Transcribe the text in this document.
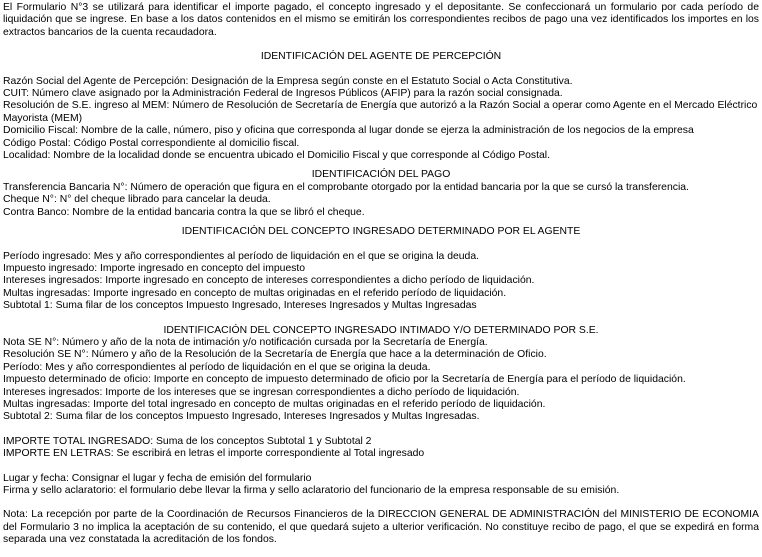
El Formulario N°3 se utilizará para identificar el importe pagado, el concepto ingresado y el depositante. Se confeccionará un formulario por cada período de liquidación que se ingrese. En base a los datos contenidos en el mismo se emitirán los correspondientes recibos de pago una vez identificados los importes en los extractos bancarios de la cuenta recaudadora.

IDENTIFICACIÓN DEL AGENTE DE PERCEPCIÓN

Razón Social del Agente de Percepción: Designación de la Empresa según conste en el Estatuto Social o Acta Constitutiva.

CUIT: Número clave asignado por la Administración Federal de Ingresos Públicos (AFIP) para la razón social consignada.

Resolución de S.E. ingreso al MEM: Número de Resolución de Secretaría de Energía que autorizó a la Razón Social a operar como Agente en el Mercado Eléctrico Mayorista (MEM)

Domicilio Fiscal: Nombre de la calle, número, piso y oficina que corresponda al lugar donde se ejerza la administración de los negocios de la empresa

Código Postal: Código Postal correspondiente al domicilio fiscal.

Localidad: Nombre de la localidad donde se encuentra ubicado el Domicilio Fiscal y que corresponde al Código Postal.

IDENTIFICACIÓN DEL PAGO

Transferencia Bancaria N°: Número de operación que figura en el comprobante otorgado por la entidad bancaria por la que se cursó la transferencia.

Cheque N°: N° del cheque librado para cancelar la deuda.

Contra Banco: Nombre de la entidad bancaria contra la que se libró el cheque.

IDENTIFICACIÓN DEL CONCEPTO INGRESADO DETERMINADO POR EL AGENTE

Período ingresado: Mes y año correspondientes al período de liquidación en el que se origina la deuda.

Impuesto ingresado: Importe ingresado en concepto del impuesto

Intereses ingresados: Importe ingresado en concepto de intereses correspondientes a dicho período de liquidación.

Multas ingresadas: Importe ingresado en concepto de multas originadas en el referido período de liquidación.

Subtotal 1: Suma filar de los conceptos Impuesto Ingresado, Intereses Ingresados y Multas Ingresadas

IDENTIFICACIÓN DEL CONCEPTO INGRESADO INTIMADO Y/O DETERMINADO POR S.E.

Nota SE N°: Número y año de la nota de intimación y/o notificación cursada por la Secretaría de Energía.

Resolución SE N°: Número y año de la Resolución de la Secretaría de Energía que hace a la determinación de Oficio.

Período: Mes y año correspondientes al período de liquidación en el que se origina la deuda.

Impuesto determinado de oficio: Importe en concepto de impuesto determinado de oficio por la Secretaría de Energía para el período de liquidación.

Intereses ingresados: Importe de los intereses que se ingresan correspondientes a dicho período de liquidación.

Multas ingresadas: Importe del total ingresado en concepto de multas originadas en el referido período de liquidación.

Subtotal 2: Suma filar de los conceptos Impuesto Ingresado, Intereses Ingresados y Multas Ingresadas.

IMPORTE TOTAL INGRESADO: Suma de los conceptos Subtotal 1 y Subtotal 2

IMPORTE EN LETRAS: Se escribirá en letras el importe correspondiente al Total ingresado

Lugar y fecha: Consignar el lugar y fecha de emisión del formulario

Firma y sello aclaratorio: el formulario debe llevar la firma y sello aclaratorio del funcionario de la empresa responsable de su emisión.

Nota: La recepción por parte de la Coordinación de Recursos Financieros de la DIRECCION GENERAL DE ADMINISTRACIÓN del MINISTERIO DE ECONOMIA del Formulario 3 no implica la aceptación de su contenido, el que quedará sujeto a ulterior verificación. No constituye recibo de pago, el que se expedirá en forma separada una vez constatada la acreditación de los fondos.
